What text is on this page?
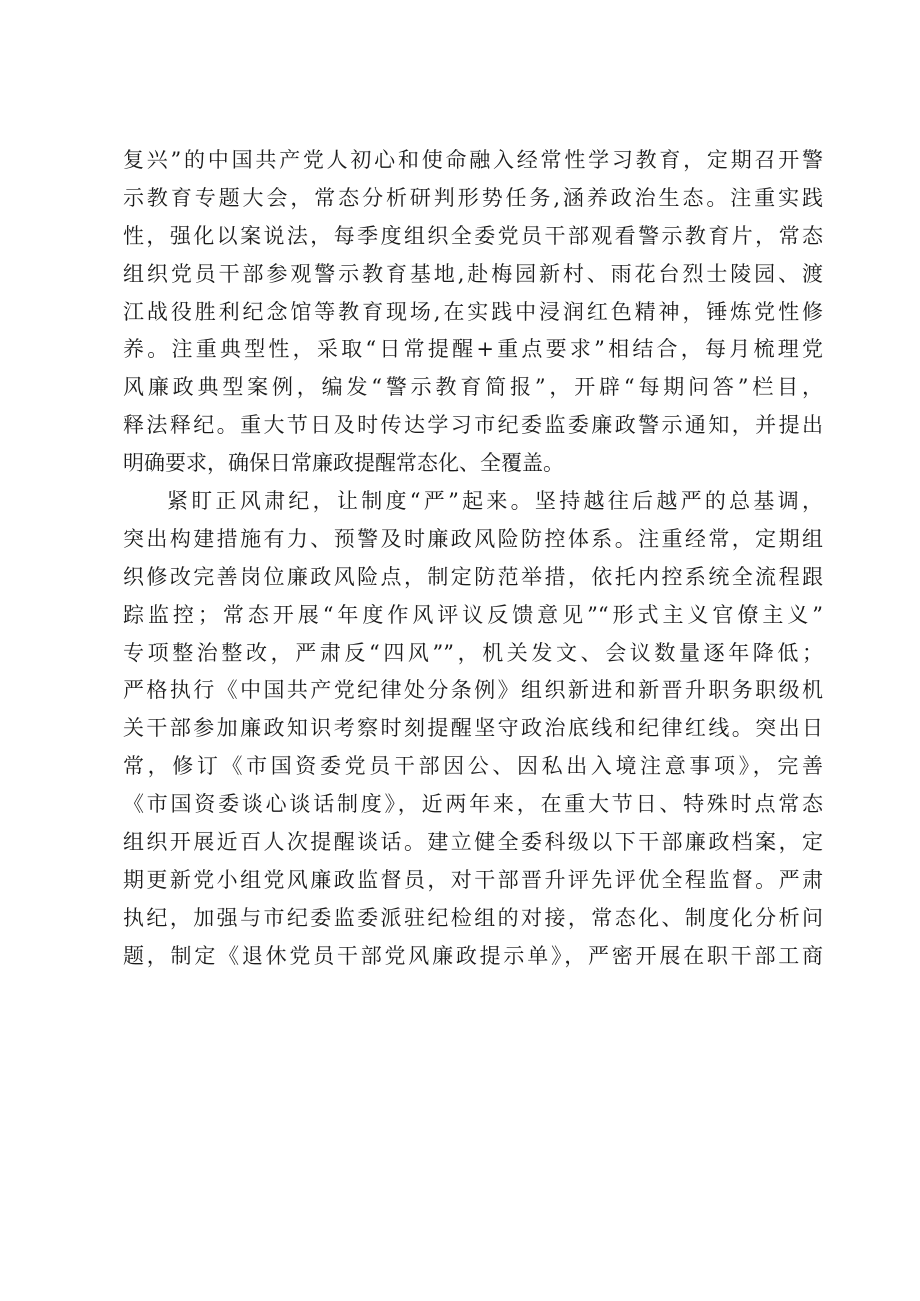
复兴”的中国共产党人初心和使命融入经常性学习教育，定期召开警
示教育专题大会，常态分析研判形势任务,涵养政治生态。注重实践
性，强化以案说法，每季度组织全委党员干部观看警示教育片，常态
组织党员干部参观警示教育基地,赴梅园新村、雨花台烈士陵园、渡
江战役胜利纪念馆等教育现场,在实践中浸润红色精神，锤炼党性修
养。注重典型性，采取“日常提醒+重点要求”相结合，每月梳理党
风廉政典型案例，编发“警示教育简报”，开辟“每期问答”栏目，
释法释纪。重大节日及时传达学习市纪委监委廉政警示通知，并提出
明确要求，确保日常廉政提醒常态化、全覆盖。
紧盯正风肃纪，让制度“严”起来。坚持越往后越严的总基调，
突出构建措施有力、预警及时廉政风险防控体系。注重经常，定期组
织修改完善岗位廉政风险点，制定防范举措，依托内控系统全流程跟
踪监控；常态开展“年度作风评议反馈意见”“形式主义官僚主义”
专项整治整改，严肃反“四风””，机关发文、会议数量逐年降低；
严格执行《中国共产党纪律处分条例》组织新进和新晋升职务职级机
关干部参加廉政知识考察时刻提醒坚守政治底线和纪律红线。突出日
常，修订《市国资委党员干部因公、因私出入境注意事项》，完善
《市国资委谈心谈话制度》，近两年来，在重大节日、特殊时点常态
组织开展近百人次提醒谈话。建立健全委科级以下干部廉政档案，定
期更新党小组党风廉政监督员，对干部晋升评先评优全程监督。严肃
执纪，加强与市纪委监委派驻纪检组的对接，常态化、制度化分析问
题，制定《退休党员干部党风廉政提示单》，严密开展在职干部工商
